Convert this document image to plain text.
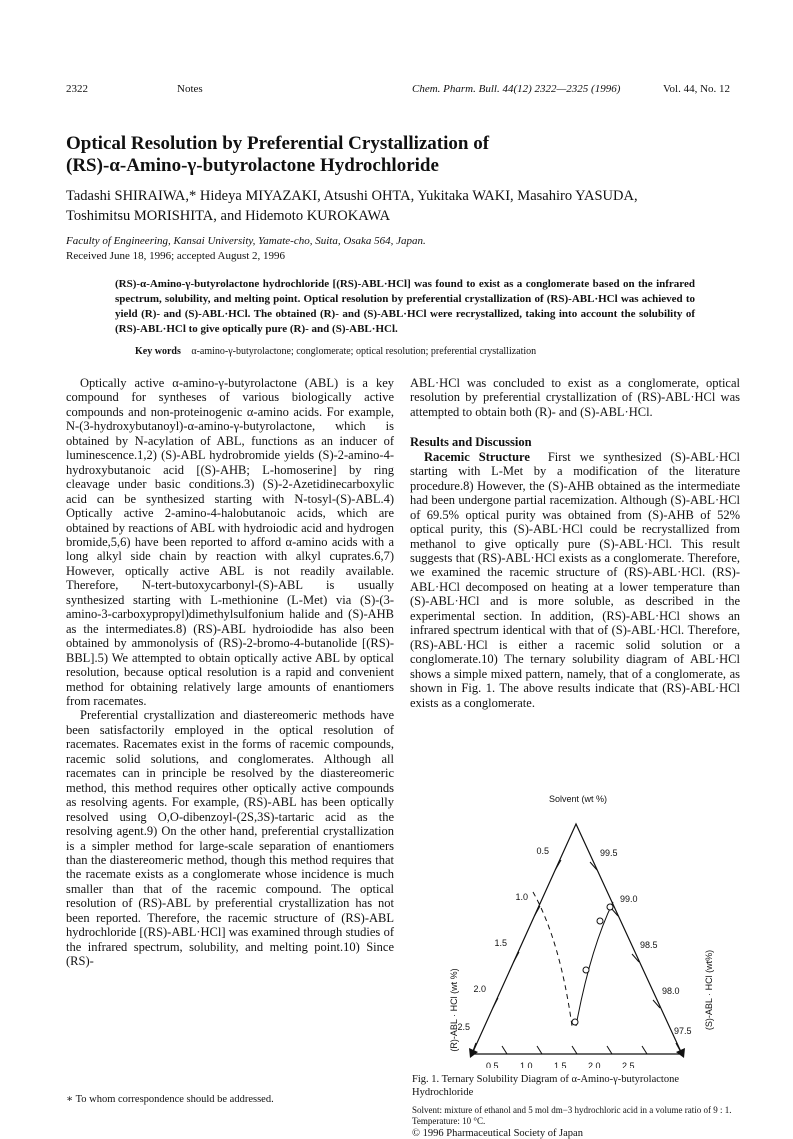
2322	Notes	Chem. Pharm. Bull. 44(12) 2322—2325 (1996)	Vol. 44, No. 12
Optical Resolution by Preferential Crystallization of
(RS)-α-Amino-γ-butyrolactone Hydrochloride
Tadashi SHIRAIWA,* Hideya MIYAZAKI, Atsushi OHTA, Yukitaka WAKI, Masahiro YASUDA,
Toshimitsu MORISHITA, and Hidemoto KUROKAWA
Faculty of Engineering, Kansai University, Yamate-cho, Suita, Osaka 564, Japan.
Received June 18, 1996; accepted August 2, 1996
(RS)-α-Amino-γ-butyrolactone hydrochloride [(RS)-ABL·HCl] was found to exist as a conglomerate based on the infrared spectrum, solubility, and melting point. Optical resolution by preferential crystallization of (RS)-ABL·HCl was achieved to yield (R)- and (S)-ABL·HCl. The obtained (R)- and (S)-ABL·HCl were recrystallized, taking into account the solubility of (RS)-ABL·HCl to give optically pure (R)- and (S)-ABL·HCl.
Key words α-amino-γ-butyrolactone; conglomerate; optical resolution; preferential crystallization

Optically active α-amino-γ-butyrolactone (ABL) is a key compound for syntheses of various biologically active compounds and non-proteinogenic α-amino acids. For example, N-(3-hydroxybutanoyl)-α-amino-γ-butyrolactone, which is obtained by N-acylation of ABL, functions as an inducer of luminescence.1,2) (S)-ABL hydrobromide yields (S)-2-amino-4-hydroxybutanoic acid [(S)-AHB; L-homoserine] by ring cleavage under basic conditions.3) (S)-2-Azetidinecarboxylic acid can be synthesized starting with N-tosyl-(S)-ABL.4) Optically active 2-amino-4-halobutanoic acids, which are obtained by reactions of ABL with hydroiodic acid and hydrogen bromide,5,6) have been reported to afford α-amino acids with a long alkyl side chain by reaction with alkyl cuprates.6,7) However, optically active ABL is not readily available. Therefore, N-tert-butoxycarbonyl-(S)-ABL is usually synthesized starting with L-methionine (L-Met) via (S)-(3-amino-3-carboxypropyl)dimethylsulfonium halide and (S)-AHB as the intermediates.8) (RS)-ABL hydroiodide has also been obtained by ammonolysis of (RS)-2-bromo-4-butanolide [(RS)-BBL].5) We attempted to obtain optically active ABL by optical resolution, because optical resolution is a rapid and convenient method for obtaining relatively large amounts of enantiomers from racemates.

Preferential crystallization and diastereomeric methods have been satisfactorily employed in the optical resolution of racemates. Racemates exist in the forms of racemic compounds, racemic solid solutions, and conglomerates. Although all racemates can in principle be resolved by the diastereomeric method, this method requires other optically active compounds as resolving agents. For example, (RS)-ABL has been optically resolved using O,O-dibenzoyl-(2S,3S)-tartaric acid as the resolving agent.9) On the other hand, preferential crystallization is a simpler method for large-scale separation of enantiomers than the diastereomeric method, though this method requires that the racemate exists as a conglomerate whose incidence is much smaller than that of the racemic compound. The optical resolution of (RS)-ABL by preferential crystallization has not been reported. Therefore, the racemic structure of (RS)-ABL hydrochloride [(RS)-ABL·HCl] was examined through studies of the infrared spectrum, solubility, and melting point.10) Since (RS)-

ABL·HCl was concluded to exist as a conglomerate, optical resolution by preferential crystallization of (RS)-ABL·HCl was attempted to obtain both (R)- and (S)-ABL·HCl.

Results and Discussion

Racemic Structure First we synthesized (S)-ABL·HCl starting with L-Met by a modification of the literature procedure.8) However, the (S)-AHB obtained as the intermediate had been undergone partial racemization. Although (S)-ABL·HCl of 69.5% optical purity was obtained from (S)-AHB of 52% optical purity, this (S)-ABL·HCl could be recrystallized from methanol to give optically pure (S)-ABL·HCl. This result suggests that (RS)-ABL·HCl exists as a conglomerate. Therefore, we examined the racemic structure of (RS)-ABL·HCl. (RS)-ABL·HCl decomposed on heating at a lower temperature than (S)-ABL·HCl and is more soluble, as described in the experimental section. In addition, (RS)-ABL·HCl shows an infrared spectrum identical with that of (S)-ABL·HCl. Therefore, (RS)-ABL·HCl is either a racemic solid solution or a conglomerate.10) The ternary solubility diagram of ABL·HCl shows a simple mixed pattern, namely, that of a conglomerate, as shown in Fig. 1. The above results indicate that (RS)-ABL·HCl exists as a conglomerate.

Solvent (wt %)
0.5
1.0
1.5
2.0
2.5
99.5
99.0
98.5
98.0
97.5
0.5 1.0 1.5 2.0 2.5
(R)-ABL · HCl (wt %)	(S)-ABL · HCl (wt%)
Fig. 1. Ternary Solubility Diagram of α-Amino-γ-butyrolactone Hydrochloride
Solvent: mixture of ethanol and 5 mol dm−3 hydrochloric acid in a volume ratio of 9 : 1. Temperature: 10 °C.
∗ To whom correspondence should be addressed.
© 1996 Pharmaceutical Society of Japan
